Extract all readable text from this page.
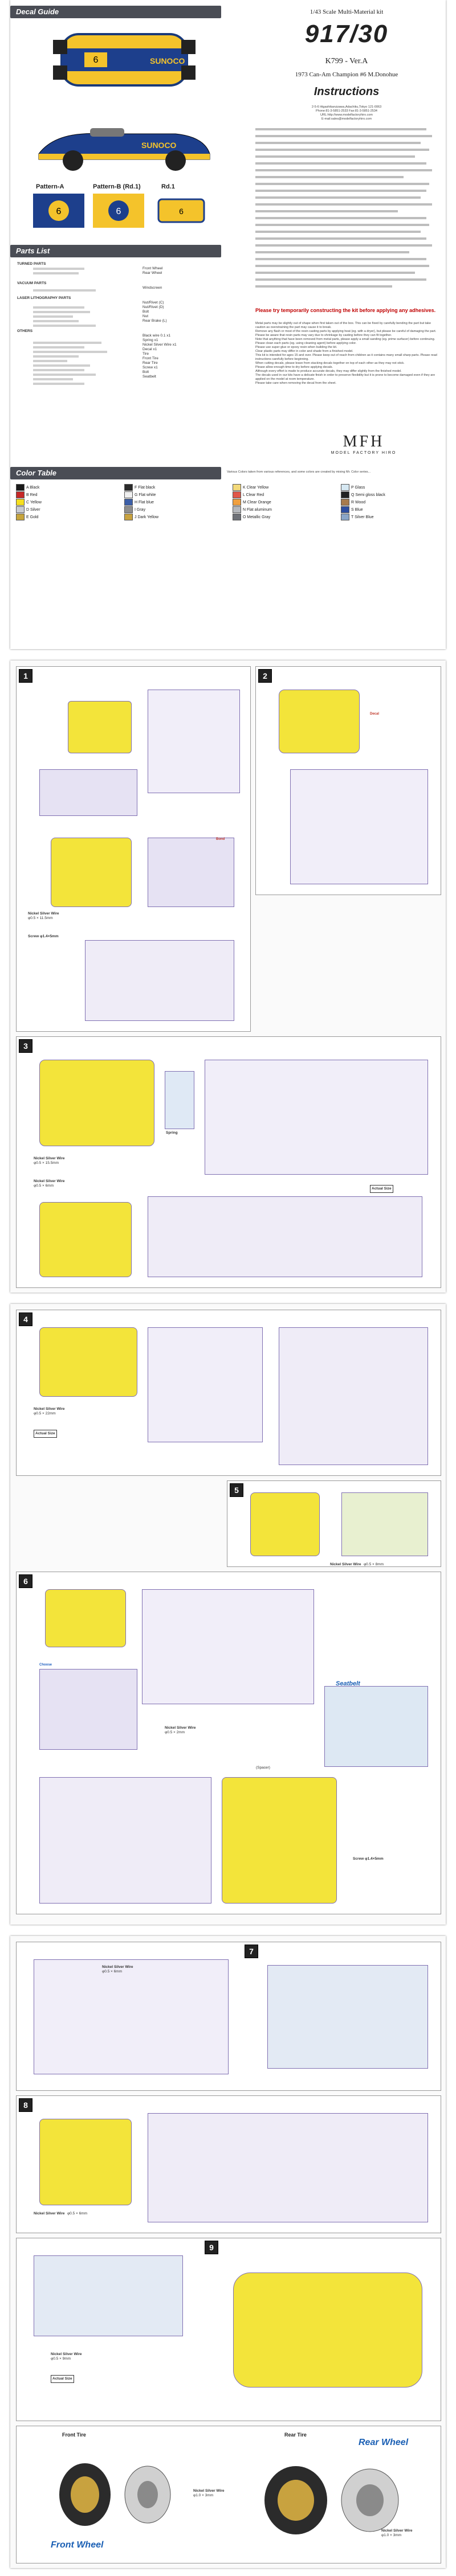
Decal Guide
6	SUNOCO
SUNOCO
6	6	6
Pattern-A	Pattern-B (Rd.1)	Rd.1
1/43 Scale Multi-Material kit
917/30
K799 - Ver.A
1973 Can-Am Champion #6 M.Donohue
Instructions
2-5-6 Higashikaruizawa,Adachiku,Tokyo 121-0063
Phone:81-3-5851-2533 Fax:81-3-5851-2534
URL:http://www.modelfactoryhiro.com
E-mail:sales@modelfactoryhiro.com
Please try temporarily constructing the kit before applying any adhesives.
Metal parts may be slightly out of shape when first taken out of the box. This can be fixed by carefully bending the part but take caution as overstraining the part may cause it to break.
Remove any flash or most of the resin casting parts by applying heat (eg. with a dryer), but please be careful of damaging the part.
Please be aware that resin parts may vary due to shrinkage by casting before they can fit together.
Note that anything that have been removed from metal parts, please apply a small sanding (eg. prime surfacer) before continuing.
Please clean each parts (eg. using cleaning agent) before applying color.
Please use super glue or epoxy resin when building the kit.
Clear plastic parts may differ in color and shade from a finished model.
This kit is intended for ages 15 and over. Please keep out of reach from children as it contains many small sharp parts. Please read instructions carefully before beginning.
When cutting decals, please leave from stacking decals together on top of each other as they may not stick.
Please allow enough time to dry before applying decals.
Although every effort is made to produce accurate decals, they may differ slightly from the finished model.
The decals used in our kits have a delicate finish in order to preserve flexibility but it is prone to become damaged even if they are applied on the model at room temperature.
Please take care when removing the decal from the sheet.
Parts List
TURNED PARTS
Front Wheel
Rear Wheel
VACUUM PARTS
Windscreen
LASER LITHOGRAPHY PARTS
Nut/Rivet (C)
Nut/Rivet (D)
Bolt
Nut
Rear Brake (L)
OTHERS
Black wire 0.1 x1
Spring x1
Nickel Silver Wire x1
Decal x1
Tire
Front Tire
Rear Tire
Screw x1
Bolt
Seatbelt
Color Table	Various Colors taken from various references, and some colors are created by mixing Mr. Color series...
A Black
B Red
C Yellow
D Silver
E Gold
F Flat black
G Flat white
H Flat blue
I Gray
J Dark Yellow
K Clear Yellow
L Clear Red
M Clear Orange
N Flat aluminum
O Metallic Gray
P Glass
Q Semi gloss black
R Wood
S Blue
T Silver Blue
MFH
MODEL FACTORY HIRO
1
Nickel Silver Wire
φ0.5 × 11.5mm
Screw φ1.4×5mm
Bond
2
Decal
3
Spring
Nickel Silver Wire
φ0.5 × 15.5mm
Nickel Silver Wire
φ0.5 × 6mm
Actual Size
4
Nickel Silver Wire
φ0.5 × 22mm
Actual Size
5
Nickel Silver Wire φ0.5 × 8mm
6
Choose
Seatbelt
Nickel Silver Wire
φ0.5 × 2mm
(Spacer)
Screw φ1.4×5mm
7
Nickel Silver Wire
φ0.5 × 6mm
8
Nickel Silver Wire φ0.5 × 6mm
9
Nickel Silver Wire
φ0.5 × 9mm
Actual Size
Front Tire	Rear Tire
Front Wheel
Rear Wheel
Nickel Silver Wire
φ1.0 × 3mm
Nickel Silver Wire
φ1.0 × 3mm
